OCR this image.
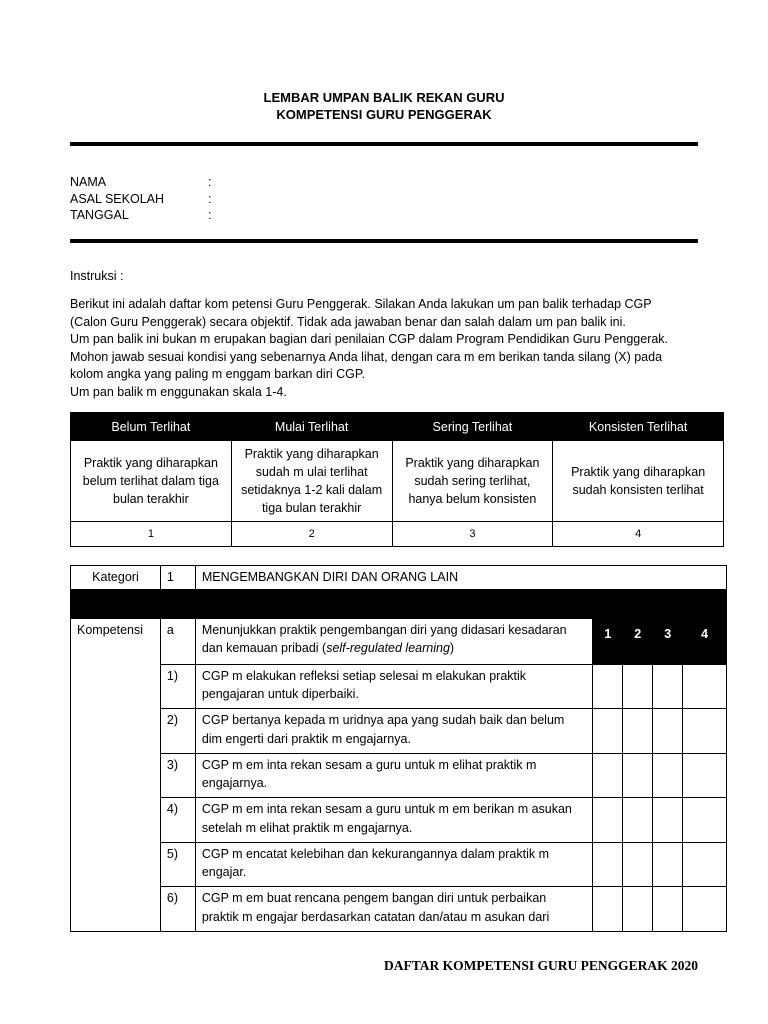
LEMBAR UMPAN BALIK REKAN GURU
KOMPETENSI GURU PENGGERAK
NAMA	:
ASAL SEKOLAH	:
TANGGAL	:
Instruksi :

Berikut ini adalah daftar kom petensi Guru Penggerak. Silakan Anda lakukan um pan balik terhadap CGP

(Calon Guru Penggerak) secara objektif. Tidak ada jawaban benar dan salah dalam um pan balik ini.

Um pan balik ini bukan m erupakan bagian dari penilaian CGP dalam Program Pendidikan Guru Penggerak.

Mohon jawab sesuai kondisi yang sebenarnya Anda lihat, dengan cara m em berikan tanda silang (X) pada

kolom angka yang paling m enggam barkan diri CGP.

Um pan balik m enggunakan skala 1-4.

Belum Terlihat	Mulai Terlihat	Sering Terlihat	Konsisten Terlihat
Praktik yang diharapkan belum terlihat dalam tiga bulan terakhir	Praktik yang diharapkan sudah m ulai terlihat setidaknya 1-2 kali dalam tiga bulan terakhir	Praktik yang diharapkan sudah sering terlihat, hanya belum konsisten	Praktik yang diharapkan sudah konsisten terlihat
1	2	3	4
Kategori	1	MENGEMBANGKAN DIRI DAN ORANG LAIN				

Kompetensi	a	Menunjukkan praktik pengembangan diri yang didasari kesadaran dan kemauan pribadi (self-regulated learning)	1	2	3	4
	1)	CGP m elakukan refleksi setiap selesai m elakukan praktik pengajaran untuk diperbaiki.				
	2)	CGP bertanya kepada m uridnya apa yang sudah baik dan belum dim engerti dari praktik m engajarnya.				
	3)	CGP m em inta rekan sesam a guru untuk m elihat praktik m engajarnya.				
	4)	CGP m em inta rekan sesam a guru untuk m em berikan m asukan setelah m elihat praktik m engajarnya.				
	5)	CGP m encatat kelebihan dan kekurangannya dalam praktik m engajar.				
	6)	CGP m em buat rencana pengem bangan diri untuk perbaikan praktik m engajar berdasarkan catatan dan/atau m asukan dari				
DAFTAR KOMPETENSI GURU PENGGERAK 2020
